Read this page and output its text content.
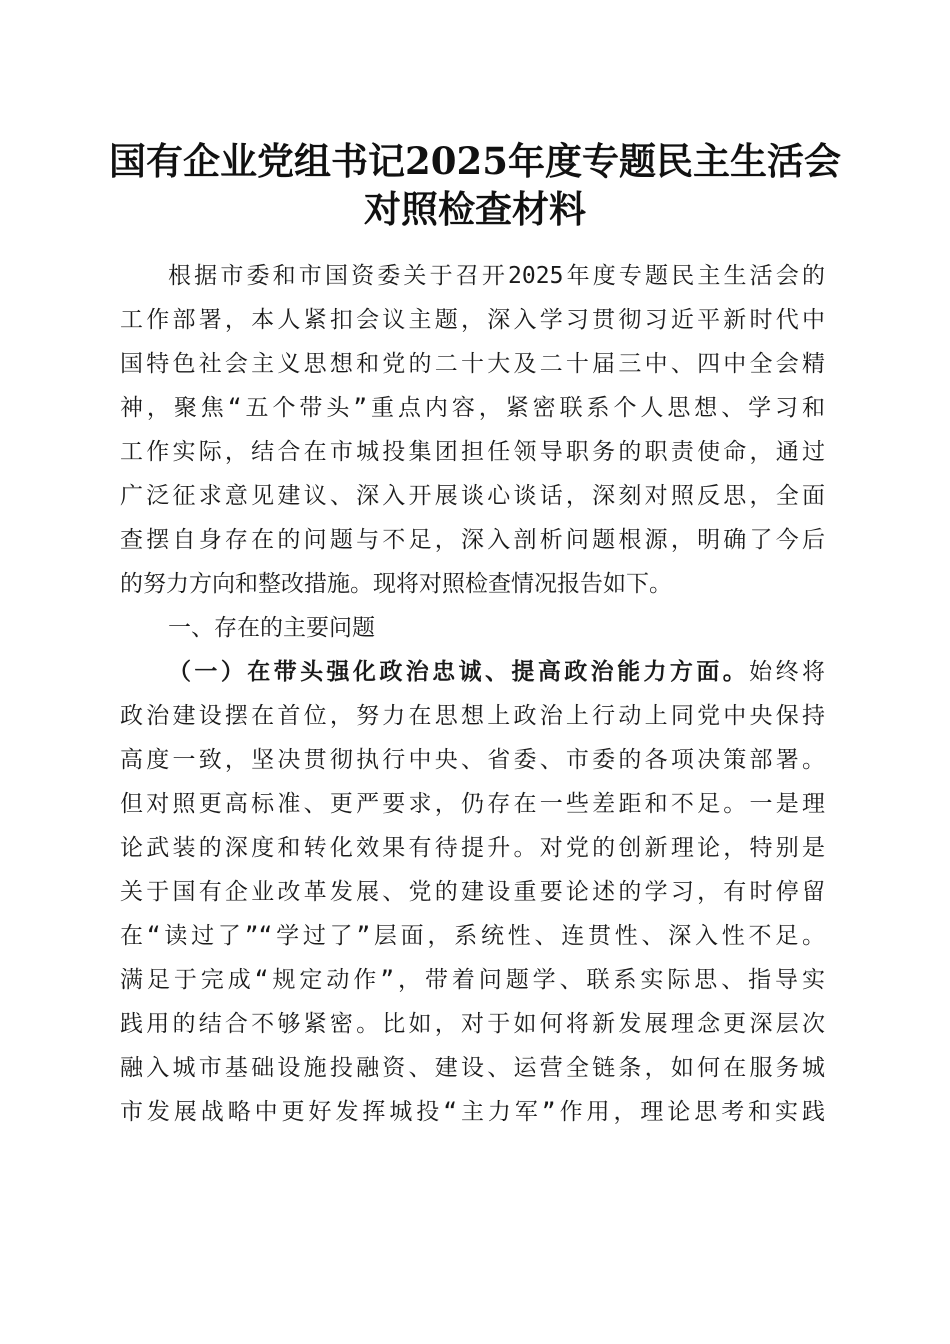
国有企业党组书记2025年度专题民主生活会
对照检查材料
根据市委和市国资委关于召开2025年度专题民主生活会的
工作部署，本人紧扣会议主题，深入学习贯彻习近平新时代中
国特色社会主义思想和党的二十大及二十届三中、四中全会精
神，聚焦“五个带头”重点内容，紧密联系个人思想、学习和
工作实际，结合在市城投集团担任领导职务的职责使命，通过
广泛征求意见建议、深入开展谈心谈话，深刻对照反思，全面
查摆自身存在的问题与不足，深入剖析问题根源，明确了今后
的努力方向和整改措施。现将对照检查情况报告如下。
一、存在的主要问题
（一）在带头强化政治忠诚、提高政治能力方面。始终将
政治建设摆在首位，努力在思想上政治上行动上同党中央保持
高度一致，坚决贯彻执行中央、省委、市委的各项决策部署。
但对照更高标准、更严要求，仍存在一些差距和不足。一是理
论武装的深度和转化效果有待提升。对党的创新理论，特别是
关于国有企业改革发展、党的建设重要论述的学习，有时停留
在“读过了”“学过了”层面，系统性、连贯性、深入性不足。
满足于完成“规定动作”，带着问题学、联系实际思、指导实
践用的结合不够紧密。比如，对于如何将新发展理念更深层次
融入城市基础设施投融资、建设、运营全链条，如何在服务城
市发展战略中更好发挥城投“主力军”作用，理论思考和实践
